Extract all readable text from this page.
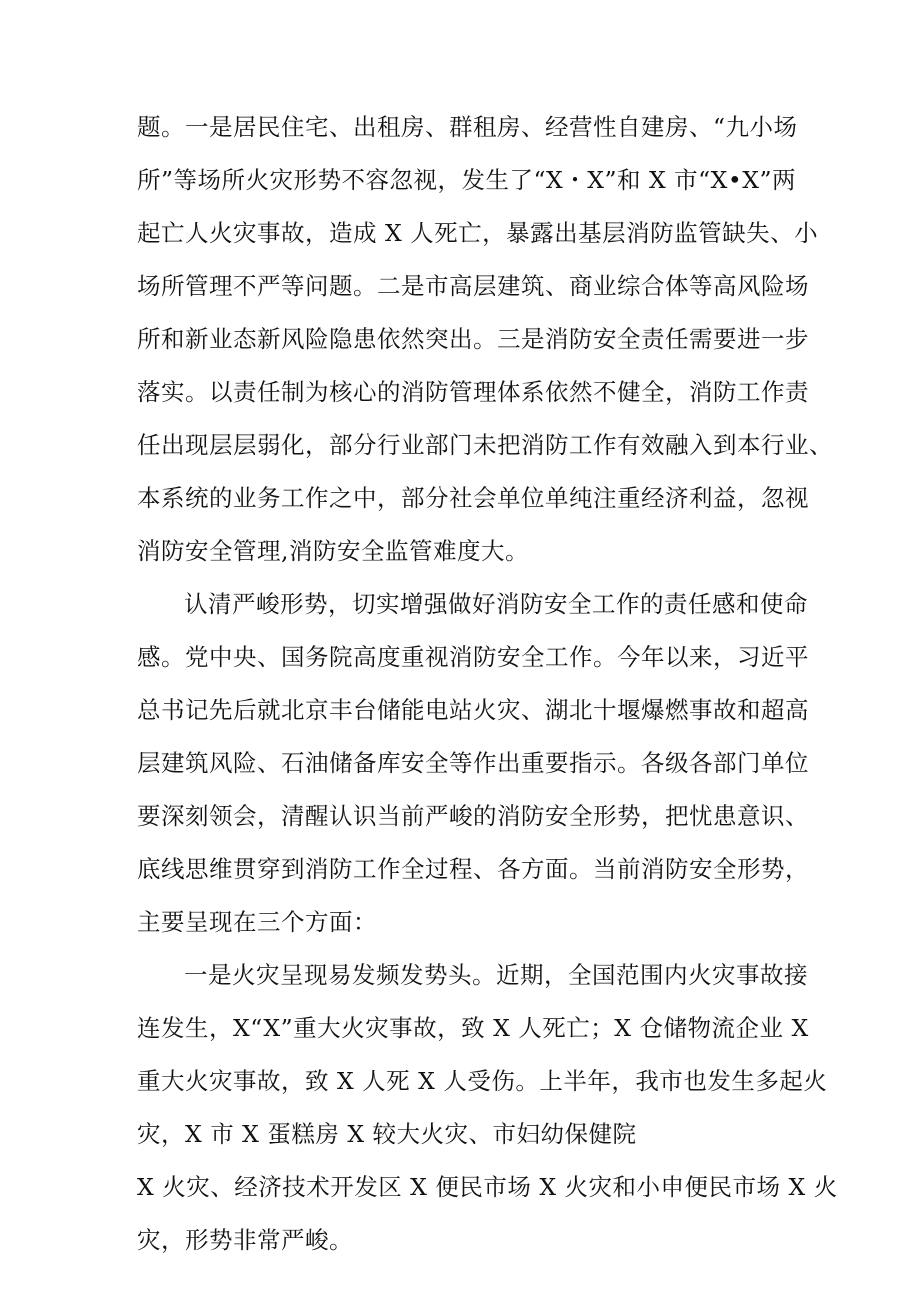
题。一是居民住宅、出租房、群租房、经营性自建房、“九小场
所”等场所火灾形势不容忽视，发生了“X・X”和 X 市“X•X”两
起亡人火灾事故，造成 X 人死亡，暴露出基层消防监管缺失、小
场所管理不严等问题。二是市高层建筑、商业综合体等高风险场
所和新业态新风险隐患依然突出。三是消防安全责任需要进一步
落实。以责任制为核心的消防管理体系依然不健全，消防工作责
任出现层层弱化，部分行业部门未把消防工作有效融入到本行业、
本系统的业务工作之中，部分社会单位单纯注重经济利益，忽视
消防安全管理,消防安全监管难度大。
认清严峻形势，切实增强做好消防安全工作的责任感和使命
感。党中央、国务院高度重视消防安全工作。今年以来，习近平
总书记先后就北京丰台储能电站火灾、湖北十堰爆燃事故和超高
层建筑风险、石油储备库安全等作出重要指示。各级各部门单位
要深刻领会，清醒认识当前严峻的消防安全形势，把忧患意识、
底线思维贯穿到消防工作全过程、各方面。当前消防安全形势，
主要呈现在三个方面：
一是火灾呈现易发频发势头。近期，全国范围内火灾事故接
连发生，X“X”重大火灾事故，致 X 人死亡；X 仓储物流企业 X
重大火灾事故，致 X 人死 X 人受伤。上半年，我市也发生多起火
灾，X 市 X 蛋糕房 X 较大火灾、市妇幼保健院
X 火灾、经济技术开发区 X 便民市场 X 火灾和小申便民市场 X 火
灾，形势非常严峻。
